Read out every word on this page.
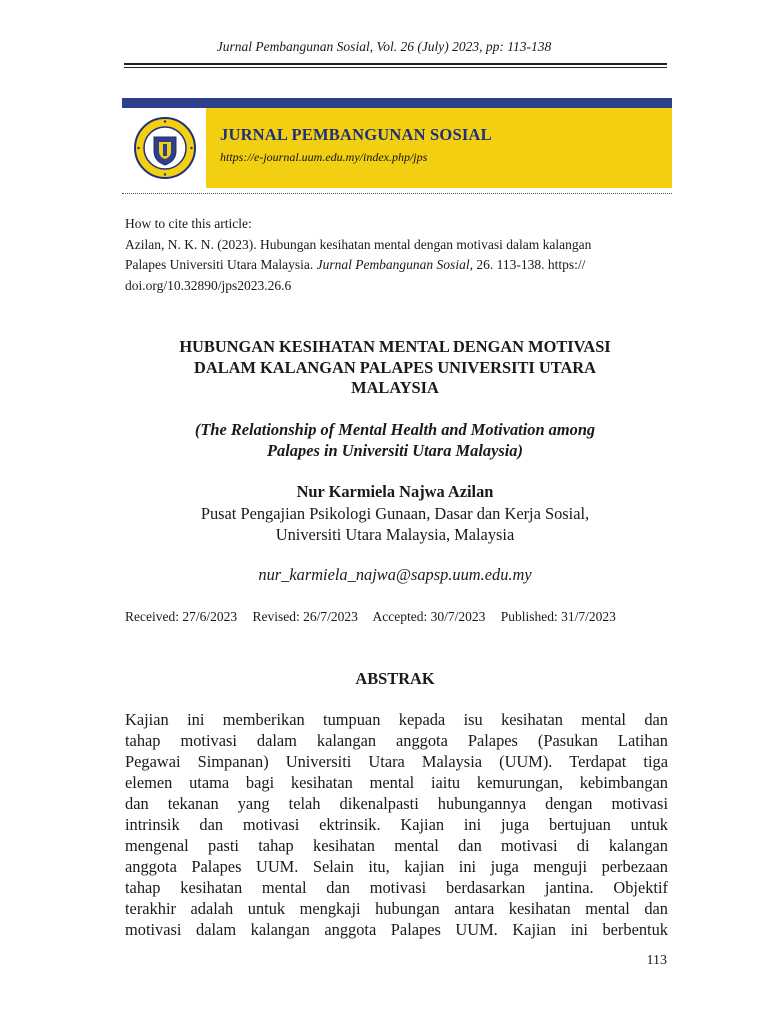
Jurnal Pembangunan Sosial, Vol. 26 (July) 2023, pp: 113-138
JURNAL PEMBANGUNAN SOSIAL
https://e-journal.uum.edu.my/index.php/jps
How to cite this article:
Azilan, N. K. N. (2023). Hubungan kesihatan mental dengan motivasi dalam kalangan
Palapes Universiti Utara Malaysia. Jurnal Pembangunan Sosial, 26. 113-138. https://
doi.org/10.32890/jps2023.26.6
HUBUNGAN KESIHATAN MENTAL DENGAN MOTIVASI
DALAM KALANGAN PALAPES UNIVERSITI UTARA
MALAYSIA
(The Relationship of Mental Health and Motivation among
Palapes in Universiti Utara Malaysia)
Nur Karmiela Najwa Azilan
Pusat Pengajian Psikologi Gunaan, Dasar dan Kerja Sosial,
Universiti Utara Malaysia, Malaysia
nur_karmiela_najwa@sapsp.uum.edu.my
Received: 27/6/2023 Revised: 26/7/2023 Accepted: 30/7/2023 Published: 31/7/2023
ABSTRAK
Kajian ini memberikan tumpuan kepada isu kesihatan mental dan
tahap motivasi dalam kalangan anggota Palapes (Pasukan Latihan
Pegawai Simpanan) Universiti Utara Malaysia (UUM). Terdapat tiga
elemen utama bagi kesihatan mental iaitu kemurungan, kebimbangan
dan tekanan yang telah dikenalpasti hubungannya dengan motivasi
intrinsik dan motivasi ektrinsik. Kajian ini juga bertujuan untuk
mengenal pasti tahap kesihatan mental dan motivasi di kalangan
anggota Palapes UUM. Selain itu, kajian ini juga menguji perbezaan
tahap kesihatan mental dan motivasi berdasarkan jantina. Objektif
terakhir adalah untuk mengkaji hubungan antara kesihatan mental dan
motivasi dalam kalangan anggota Palapes UUM. Kajian ini berbentuk
113
